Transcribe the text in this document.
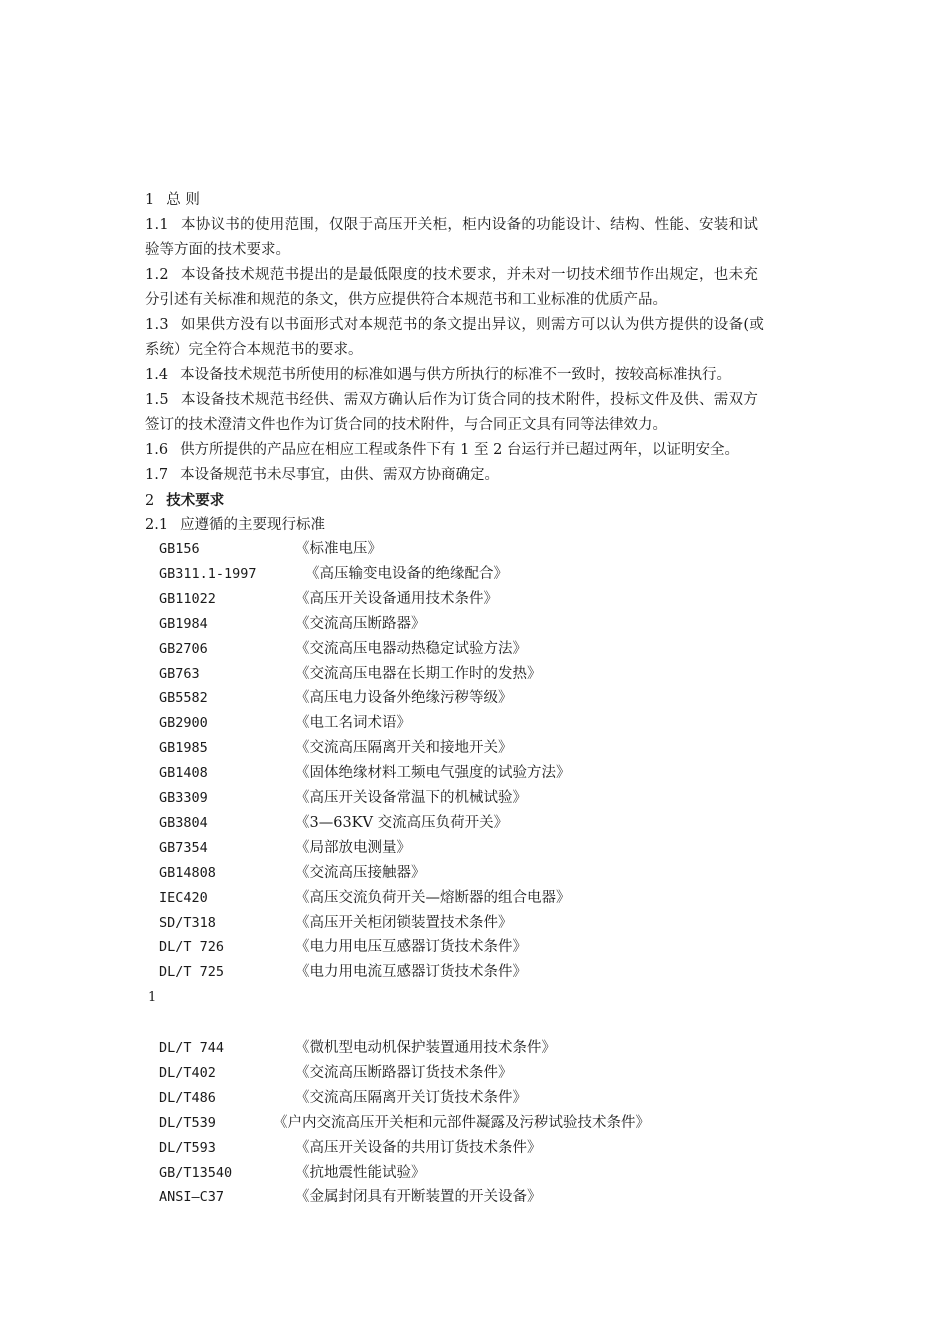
1 总 则
1.1 本协议书的使用范围，仅限于高压开关柜，柜内设备的功能设计、结构、性能、安装和试
验等方面的技术要求。
1.2 本设备技术规范书提出的是最低限度的技术要求，并未对一切技术细节作出规定，也未充
分引述有关标准和规范的条文，供方应提供符合本规范书和工业标准的优质产品。
1.3 如果供方没有以书面形式对本规范书的条文提出异议，则需方可以认为供方提供的设备(或
系统）完全符合本规范书的要求。
1.4 本设备技术规范书所使用的标准如遇与供方所执行的标准不一致时，按较高标准执行。
1.5 本设备技术规范书经供、需双方确认后作为订货合同的技术附件，投标文件及供、需双方
签订的技术澄清文件也作为订货合同的技术附件，与合同正文具有同等法律效力。
1.6 供方所提供的产品应在相应工程或条件下有 1 至 2 台运行并已超过两年，以证明安全。
1.7 本设备规范书未尽事宜，由供、需双方协商确定。
2 技术要求
2.1 应遵循的主要现行标准
GB156	《标准电压》
GB311.1-1997	《高压输变电设备的绝缘配合》
GB11022	《高压开关设备通用技术条件》
GB1984	《交流高压断路器》
GB2706	《交流高压电器动热稳定试验方法》
GB763	《交流高压电器在长期工作时的发热》
GB5582	《高压电力设备外绝缘污秽等级》
GB2900	《电工名词术语》
GB1985	《交流高压隔离开关和接地开关》
GB1408	《固体绝缘材料工频电气强度的试验方法》
GB3309	《高压开关设备常温下的机械试验》
GB3804	《3—63KV 交流高压负荷开关》
GB7354	《局部放电测量》
GB14808	《交流高压接触器》
IEC420	《高压交流负荷开关—熔断器的组合电器》
SD/T318	《高压开关柜闭锁装置技术条件》
DL/T 726	《电力用电压互感器订货技术条件》
DL/T 725	《电力用电流互感器订货技术条件》
1
DL/T 744	《微机型电动机保护装置通用技术条件》
DL/T402	《交流高压断路器订货技术条件》
DL/T486	《交流高压隔离开关订货技术条件》
DL/T539	《户内交流高压开关柜和元部件凝露及污秽试验技术条件》
DL/T593	《高压开关设备的共用订货技术条件》
GB/T13540	《抗地震性能试验》
ANSI—C37	《金属封闭具有开断装置的开关设备》
